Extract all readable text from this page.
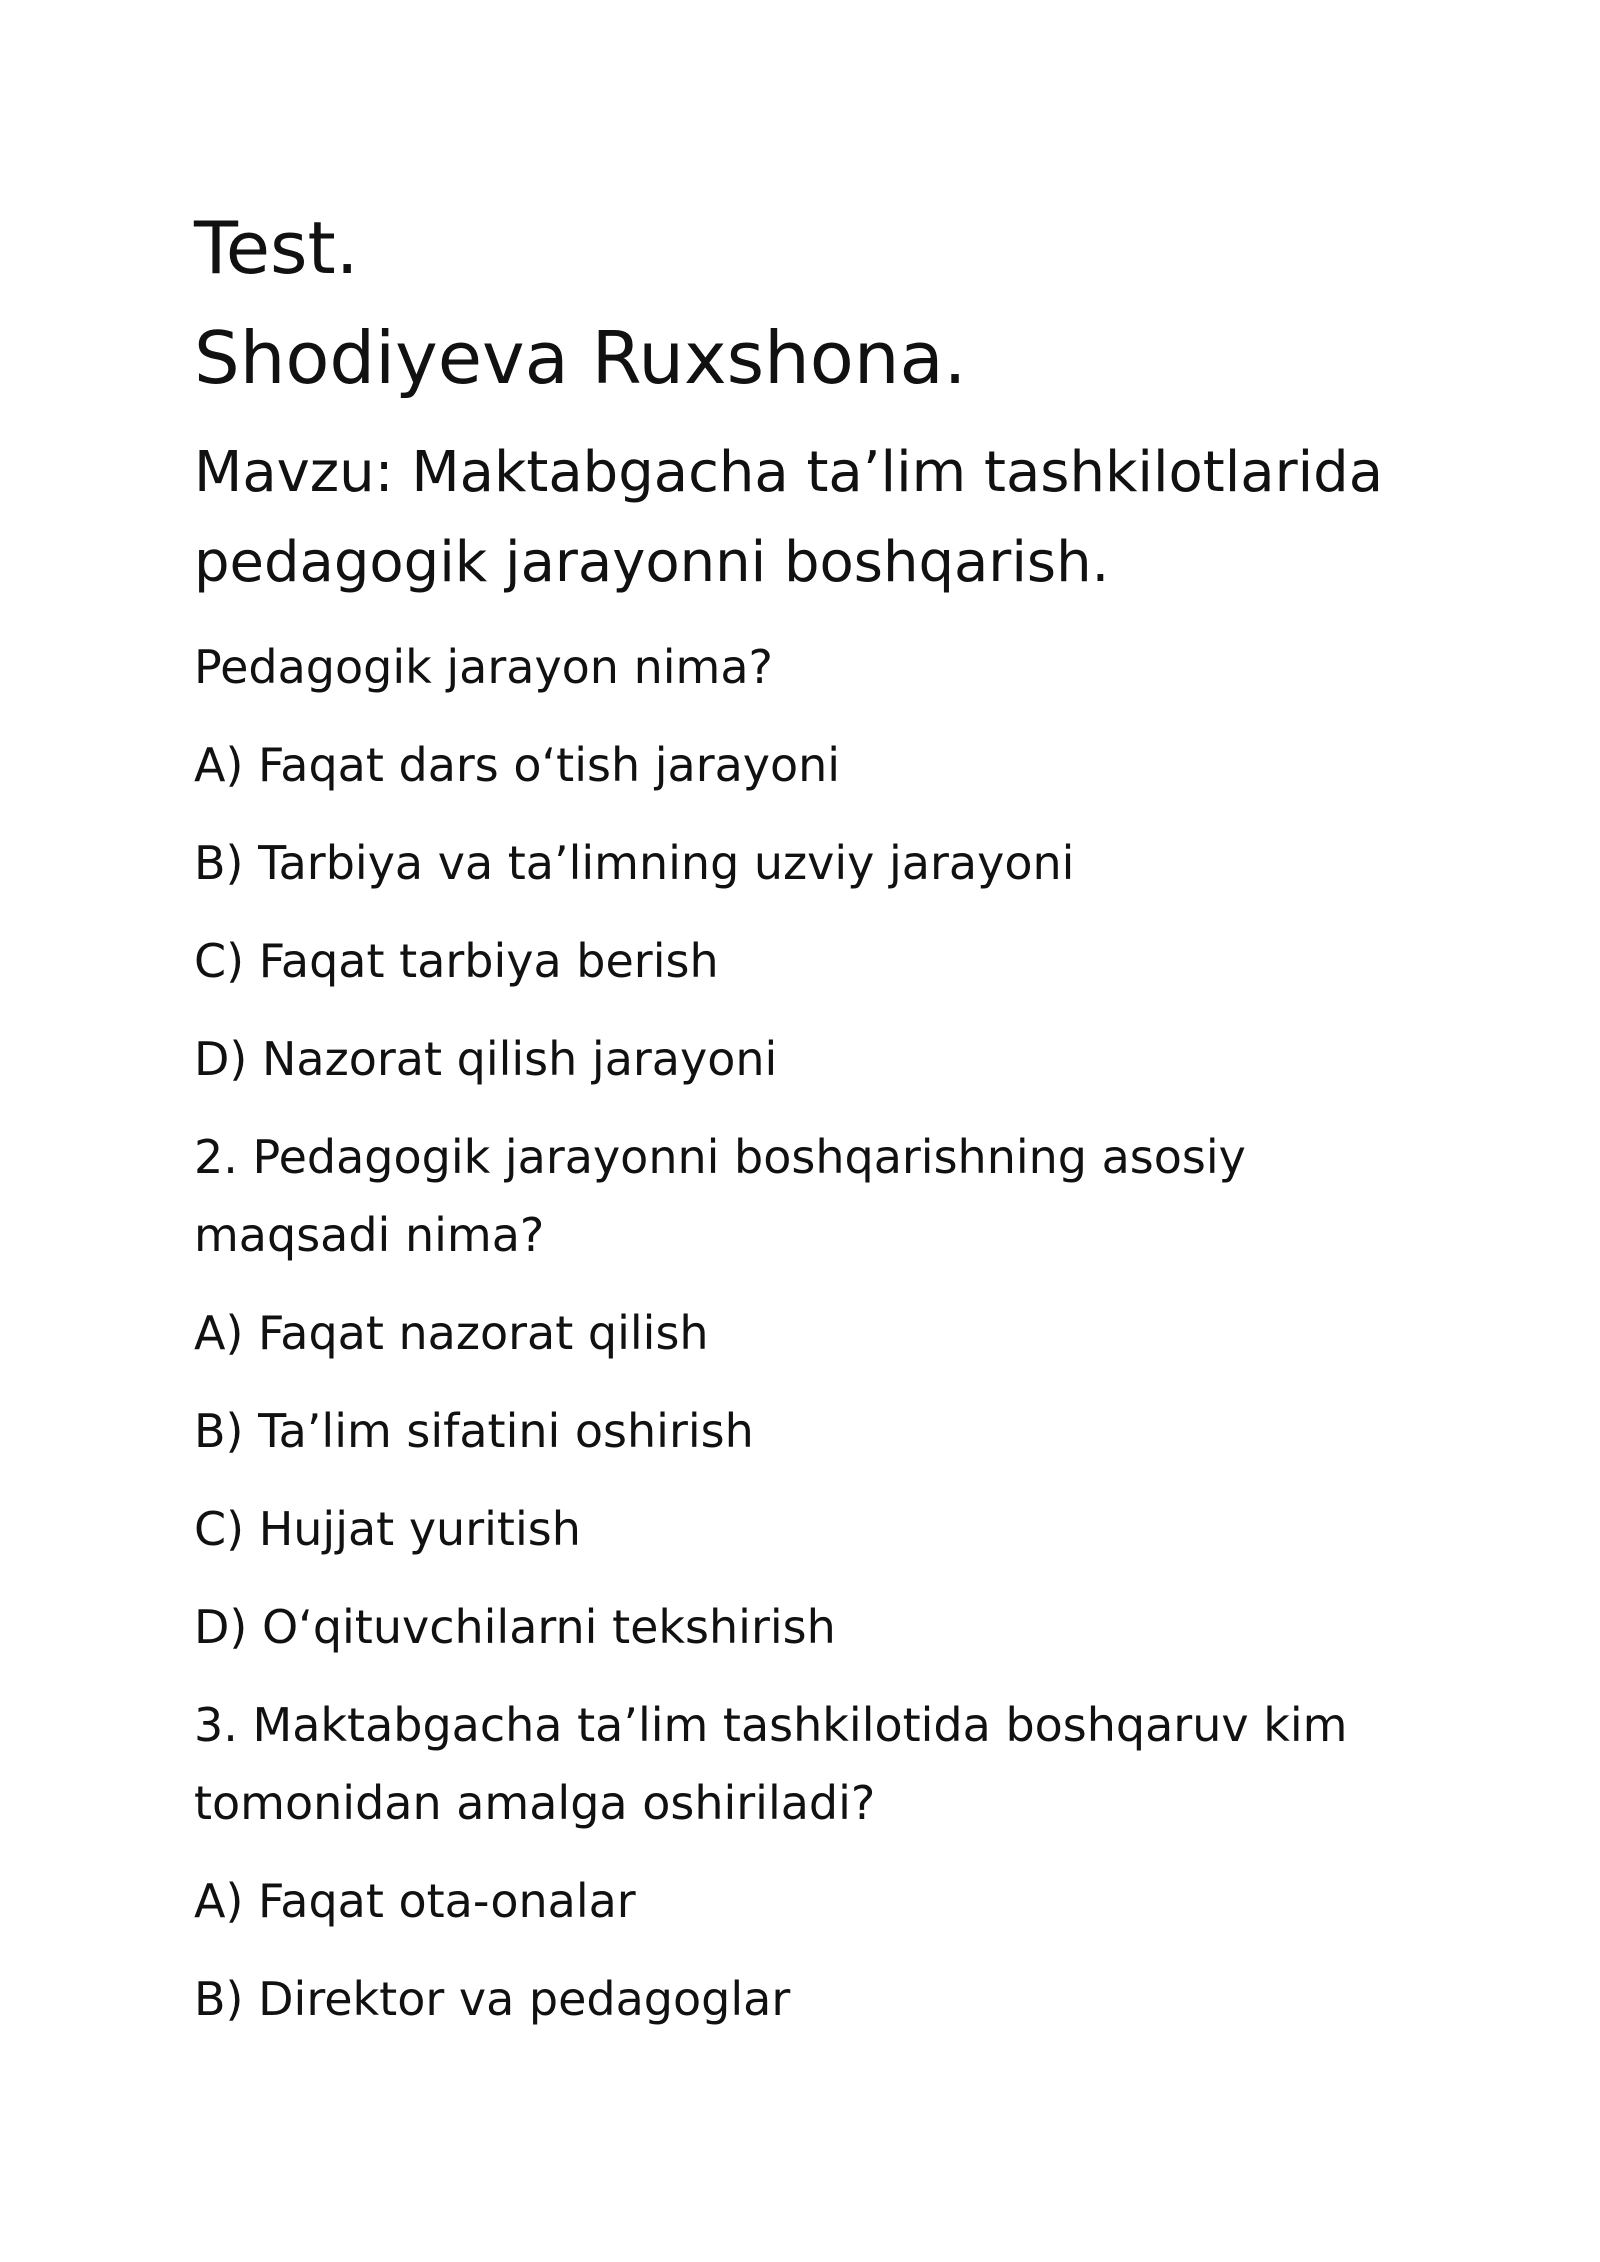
Test.
Shodiyeva Ruxshona.
Mavzu: Maktabgacha ta’lim tashkilotlarida pedagogik jarayonni boshqarish.
Pedagogik jarayon nima?
A) Faqat dars o‘tish jarayoni
B) Tarbiya va ta’limning uzviy jarayoni
C) Faqat tarbiya berish
D) Nazorat qilish jarayoni
2. Pedagogik jarayonni boshqarishning asosiy maqsadi nima?
A) Faqat nazorat qilish
B) Ta’lim sifatini oshirish
C) Hujjat yuritish
D) O‘qituvchilarni tekshirish
3. Maktabgacha ta’lim tashkilotida boshqaruv kim tomonidan amalga oshiriladi?
A) Faqat ota-onalar
B) Direktor va pedagoglar
